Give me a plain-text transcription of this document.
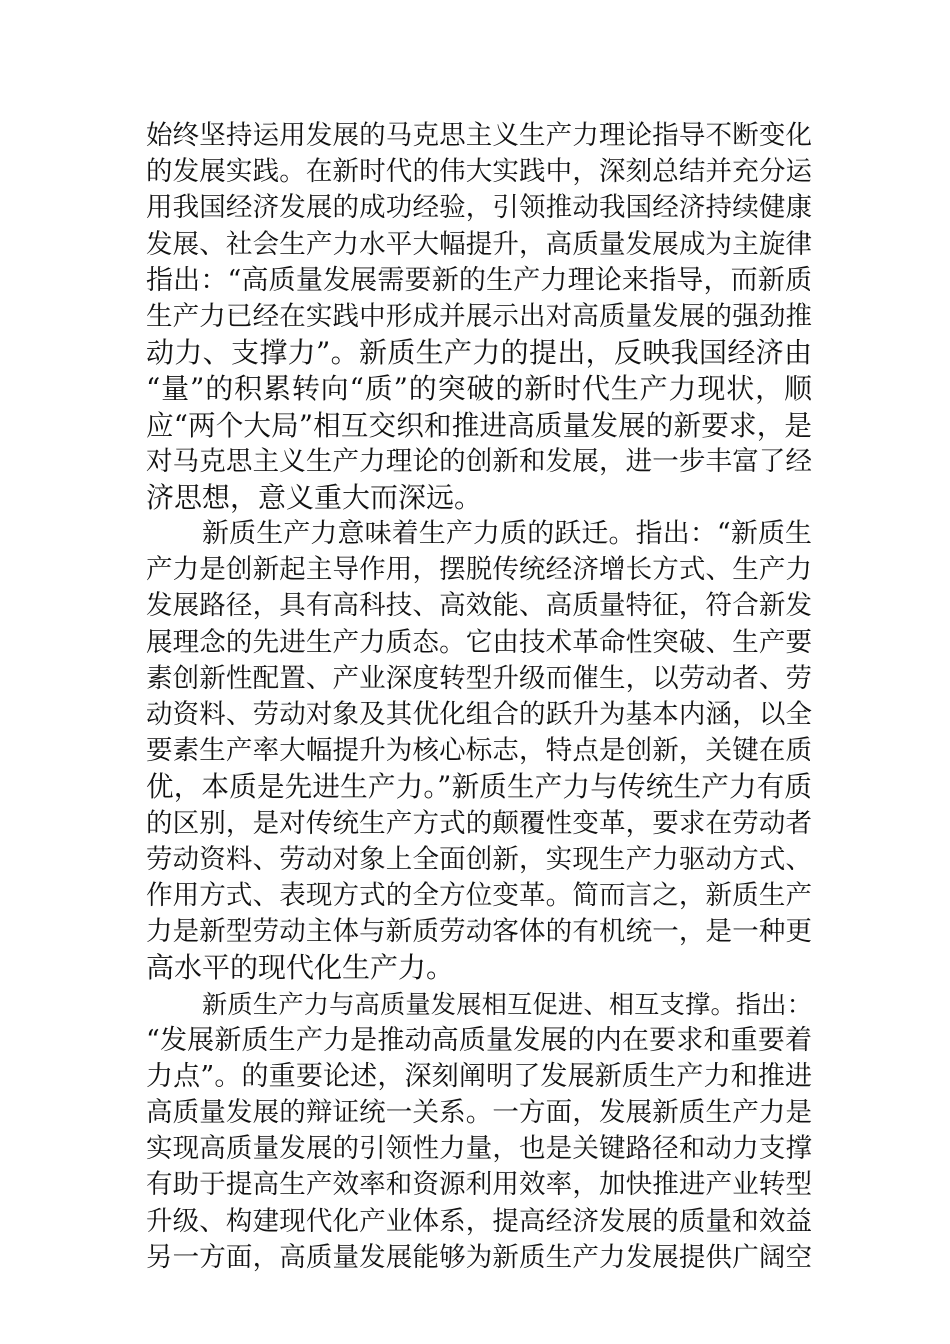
始终坚持运用发展的马克思主义生产力理论指导不断变化
的发展实践。在新时代的伟大实践中，深刻总结并充分运
用我国经济发展的成功经验，引领推动我国经济持续健康
发展、社会生产力水平大幅提升，高质量发展成为主旋律
指出：“高质量发展需要新的生产力理论来指导，而新质
生产力已经在实践中形成并展示出对高质量发展的强劲推
动力、支撑力”。新质生产力的提出，反映我国经济由
“量”的积累转向“质”的突破的新时代生产力现状，顺
应“两个大局”相互交织和推进高质量发展的新要求，是
对马克思主义生产力理论的创新和发展，进一步丰富了经
济思想，意义重大而深远。
新质生产力意味着生产力质的跃迁。指出：“新质生
产力是创新起主导作用，摆脱传统经济增长方式、生产力
发展路径，具有高科技、高效能、高质量特征，符合新发
展理念的先进生产力质态。它由技术革命性突破、生产要
素创新性配置、产业深度转型升级而催生，以劳动者、劳
动资料、劳动对象及其优化组合的跃升为基本内涵，以全
要素生产率大幅提升为核心标志，特点是创新，关键在质
优，本质是先进生产力。”新质生产力与传统生产力有质
的区别，是对传统生产方式的颠覆性变革，要求在劳动者
劳动资料、劳动对象上全面创新，实现生产力驱动方式、
作用方式、表现方式的全方位变革。简而言之，新质生产
力是新型劳动主体与新质劳动客体的有机统一，是一种更
高水平的现代化生产力。
新质生产力与高质量发展相互促进、相互支撑。指出：
“发展新质生产力是推动高质量发展的内在要求和重要着
力点”。的重要论述，深刻阐明了发展新质生产力和推进
高质量发展的辩证统一关系。一方面，发展新质生产力是
实现高质量发展的引领性力量，也是关键路径和动力支撑
有助于提高生产效率和资源利用效率，加快推进产业转型
升级、构建现代化产业体系，提高经济发展的质量和效益
另一方面，高质量发展能够为新质生产力发展提供广阔空
